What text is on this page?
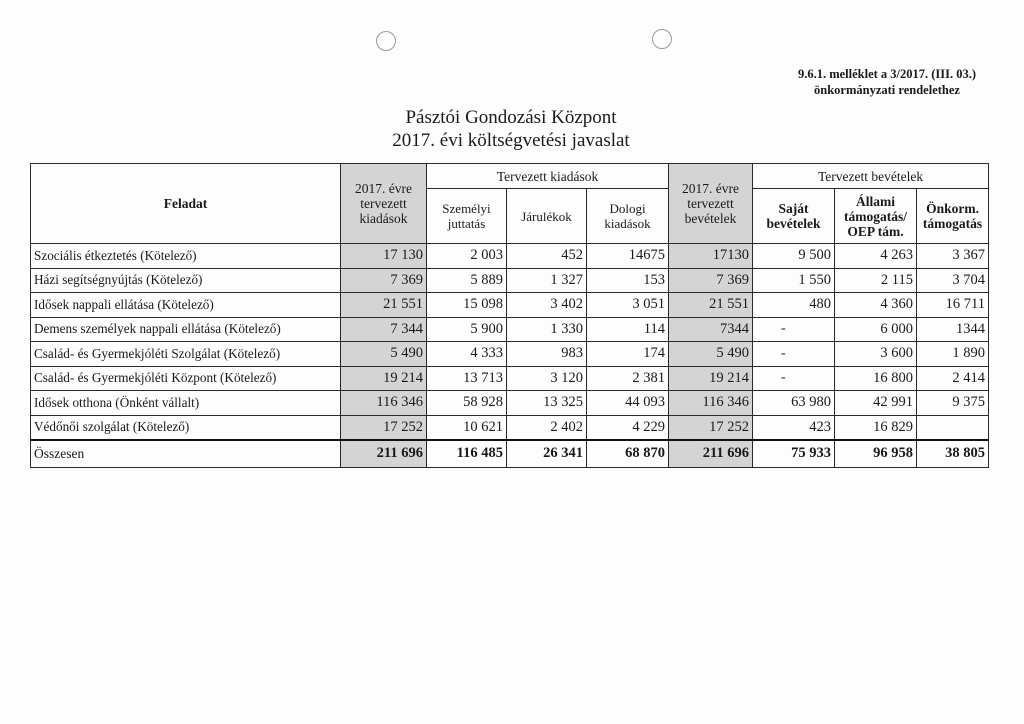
9.6.1. melléklet a 3/2017. (III. 03.)
önkormányzati rendelethez
Pásztói Gondozási Központ
2017. évi költségvetési javaslat
Feladat	2017. évre tervezett kiadások	Tervezett kiadások			2017. évre tervezett bevételek	Tervezett bevételek		
		Személyi juttatás	Járulékok	Dologi kiadások		Saját bevételek	Állami támogatás/ OEP tám.	Önkorm. támogatás
Szociális étkeztetés (Kötelező)	17 130	2 003	452	14675	17130	9 500	4 263	3 367
Házi segítségnyújtás (Kötelező)	7 369	5 889	1 327	153	7 369	1 550	2 115	3 704
Idősek nappali ellátása (Kötelező)	21 551	15 098	3 402	3 051	21 551	480	4 360	16 711
Demens személyek nappali ellátása (Kötelező)	7 344	5 900	1 330	114	7344	-	6 000	1344
Család- és Gyermekjóléti Szolgálat (Kötelező)	5 490	4 333	983	174	5 490	-	3 600	1 890
Család- és Gyermekjóléti Központ (Kötelező)	19 214	13 713	3 120	2 381	19 214	-	16 800	2 414
Idősek otthona (Önként vállalt)	116 346	58 928	13 325	44 093	116 346	63 980	42 991	9 375
Védőnői szolgálat (Kötelező)	17 252	10 621	2 402	4 229	17 252	423	16 829	
Összesen	211 696	116 485	26 341	68 870	211 696	75 933	96 958	38 805
